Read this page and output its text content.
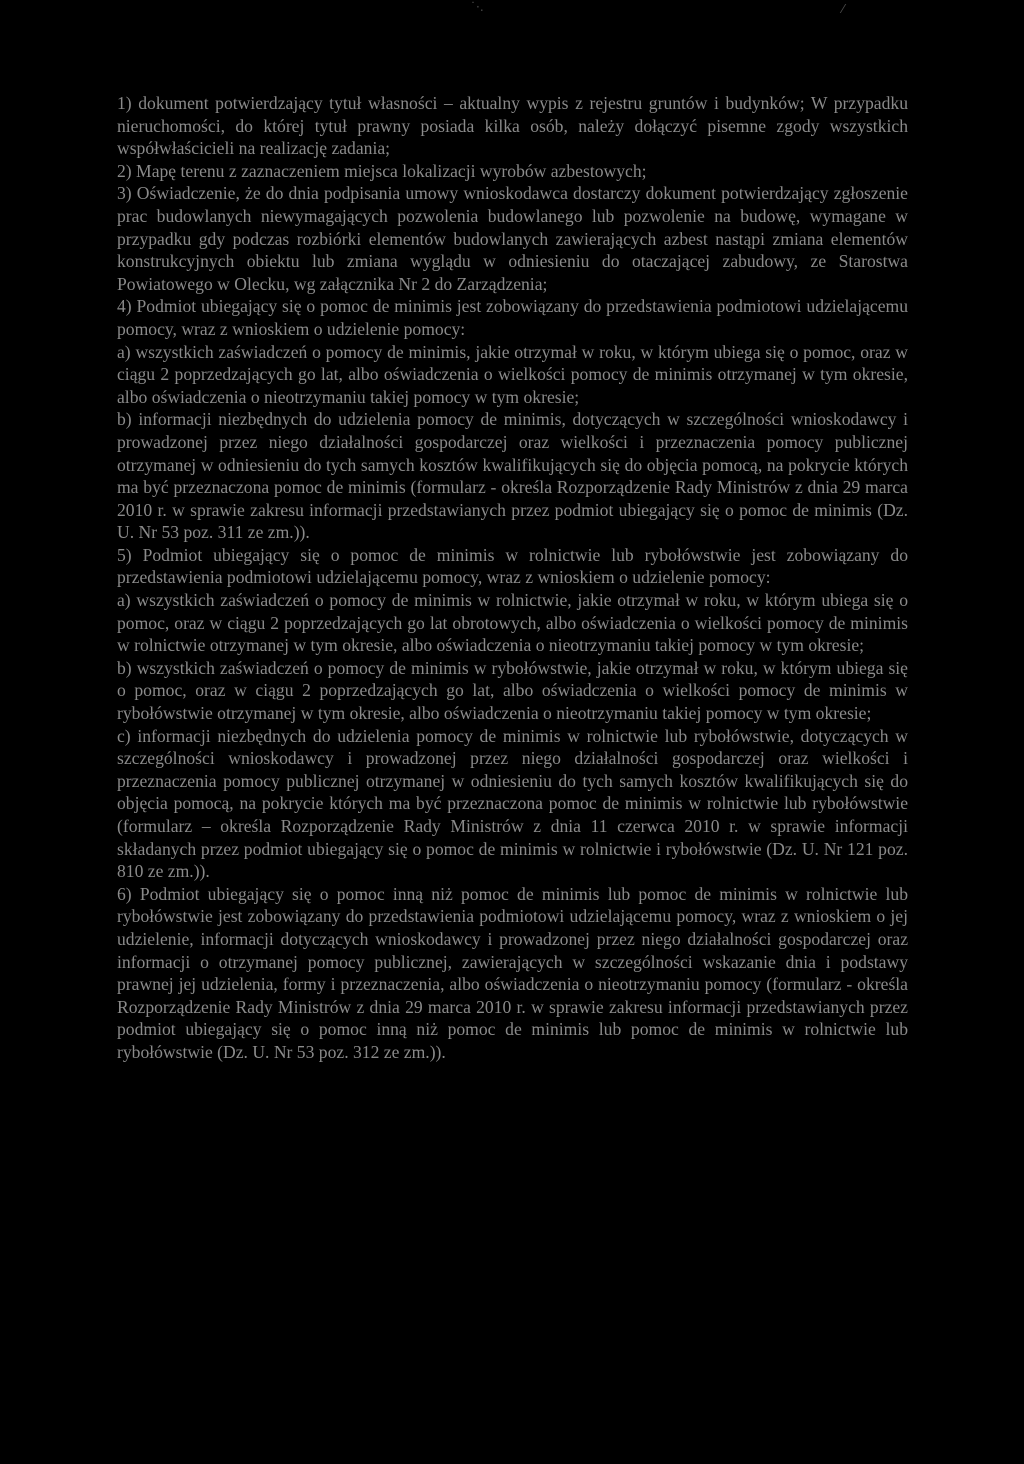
˙·.	⁄

1) dokument potwierdzający tytuł własności – aktualny wypis z rejestru gruntów i budynków; W przypadku nieruchomości, do której tytuł prawny posiada kilka osób, należy dołączyć pisemne zgody wszystkich współwłaścicieli na realizację zadania;

2) Mapę terenu z zaznaczeniem miejsca lokalizacji wyrobów azbestowych;

3) Oświadczenie, że do dnia podpisania umowy wnioskodawca dostarczy dokument potwierdzający zgłoszenie prac budowlanych niewymagających pozwolenia budowlanego lub pozwolenie na budowę, wymagane w przypadku gdy podczas rozbiórki elementów budowlanych zawierających azbest nastąpi zmiana elementów konstrukcyjnych obiektu lub zmiana wyglądu w odniesieniu do otaczającej zabudowy, ze Starostwa Powiatowego w Olecku, wg załącznika Nr 2 do Zarządzenia;

4) Podmiot ubiegający się o pomoc de minimis jest zobowiązany do przedstawienia podmiotowi udzielającemu pomocy, wraz z wnioskiem o udzielenie pomocy:

a) wszystkich zaświadczeń o pomocy de minimis, jakie otrzymał w roku, w którym ubiega się o pomoc, oraz w ciągu 2 poprzedzających go lat, albo oświadczenia o wielkości pomocy de minimis otrzymanej w tym okresie, albo oświadczenia o nieotrzymaniu takiej pomocy w tym okresie;

b) informacji niezbędnych do udzielenia pomocy de minimis, dotyczących w szczególności wnioskodawcy i prowadzonej przez niego działalności gospodarczej oraz wielkości i przeznaczenia pomocy publicznej otrzymanej w odniesieniu do tych samych kosztów kwalifikujących się do objęcia pomocą, na pokrycie których ma być przeznaczona pomoc de minimis (formularz - określa Rozporządzenie Rady Ministrów z dnia 29 marca 2010 r. w sprawie zakresu informacji przedstawianych przez podmiot ubiegający się o pomoc de minimis (Dz. U. Nr 53 poz. 311 ze zm.)).

5) Podmiot ubiegający się o pomoc de minimis w rolnictwie lub rybołówstwie jest zobowiązany do przedstawienia podmiotowi udzielającemu pomocy, wraz z wnioskiem o udzielenie pomocy:

a) wszystkich zaświadczeń o pomocy de minimis w rolnictwie, jakie otrzymał w roku, w którym ubiega się o pomoc, oraz w ciągu 2 poprzedzających go lat obrotowych, albo oświadczenia o wielkości pomocy de minimis w rolnictwie otrzymanej w tym okresie, albo oświadczenia o nieotrzymaniu takiej pomocy w tym okresie;

b) wszystkich zaświadczeń o pomocy de minimis w rybołówstwie, jakie otrzymał w roku, w którym ubiega się o pomoc, oraz w ciągu 2 poprzedzających go lat, albo oświadczenia o wielkości pomocy de minimis w rybołówstwie otrzymanej w tym okresie, albo oświadczenia o nieotrzymaniu takiej pomocy w tym okresie;

c) informacji niezbędnych do udzielenia pomocy de minimis w rolnictwie lub rybołówstwie, dotyczących w szczególności wnioskodawcy i prowadzonej przez niego działalności gospodarczej oraz wielkości i przeznaczenia pomocy publicznej otrzymanej w odniesieniu do tych samych kosztów kwalifikujących się do objęcia pomocą, na pokrycie których ma być przeznaczona pomoc de minimis w rolnictwie lub rybołówstwie (formularz – określa Rozporządzenie Rady Ministrów z dnia 11 czerwca 2010 r. w sprawie informacji składanych przez podmiot ubiegający się o pomoc de minimis w rolnictwie i rybołówstwie (Dz. U. Nr 121 poz. 810 ze zm.)).

6) Podmiot ubiegający się o pomoc inną niż pomoc de minimis lub pomoc de minimis w rolnictwie lub rybołówstwie jest zobowiązany do przedstawienia podmiotowi udzielającemu pomocy, wraz z wnioskiem o jej udzielenie, informacji dotyczących wnioskodawcy i prowadzonej przez niego działalności gospodarczej oraz informacji o otrzymanej pomocy publicznej, zawierających w szczególności wskazanie dnia i podstawy prawnej jej udzielenia, formy i przeznaczenia, albo oświadczenia o nieotrzymaniu pomocy (formularz - określa Rozporządzenie Rady Ministrów z dnia 29 marca 2010 r. w sprawie zakresu informacji przedstawianych przez podmiot ubiegający się o pomoc inną niż pomoc de minimis lub pomoc de minimis w rolnictwie lub rybołówstwie (Dz. U. Nr 53 poz. 312 ze zm.)).
